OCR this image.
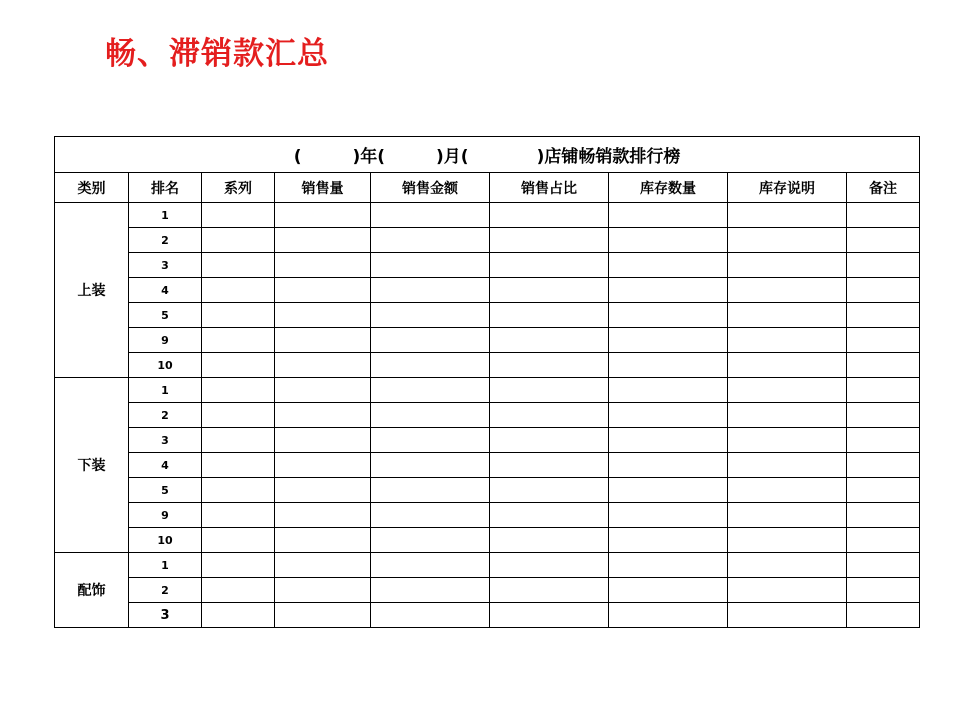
畅、滞销款汇总
(　　　)年(　　　)月(　　　　)店铺畅销款排行榜								
类别	排名	系列	销售量	销售金额	销售占比	库存数量	库存说明	备注
上装	1							
	2							
	3							
	4							
	5							
	9							
	10							
下装	1							
	2							
	3							
	4							
	5							
	9							
	10							
配饰	1							
	2							
	3							
